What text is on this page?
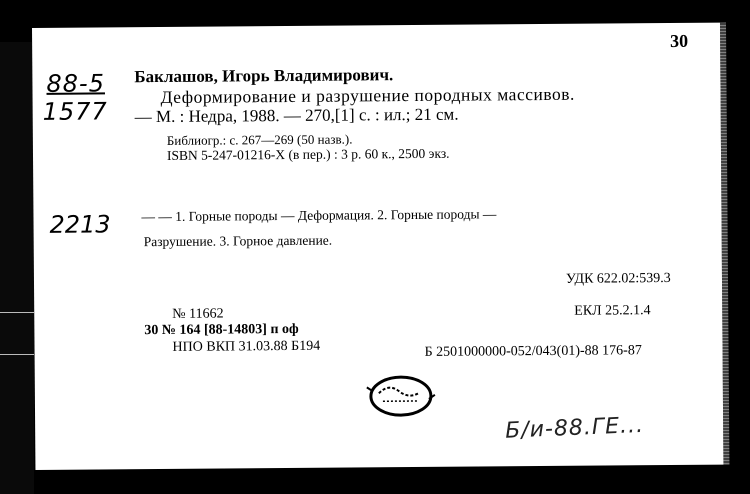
30
88-5
1577
2213
Баклашов, Игорь Владимирович.
Деформирование и разрушение породных массивов.
— М. : Недра, 1988. — 270,[1] с. : ил.; 21 см.
Библиогр.: с. 267—269 (50 назв.).
ISBN 5-247-01216-X (в пер.) : 3 р. 60 к., 2500 экз.
— — 1. Горные породы — Деформация. 2. Горные породы —
Разрушение. 3. Горное давление.
УДК 622.02:539.3
ЕКЛ 25.2.1.4
№ 11662
30 № 164 [88-14803] п оф
НПО ВКП 31.03.88 Б194	Б 2501000000-052/043(01)-88 176-87
Б/и-88.ГЕ...
